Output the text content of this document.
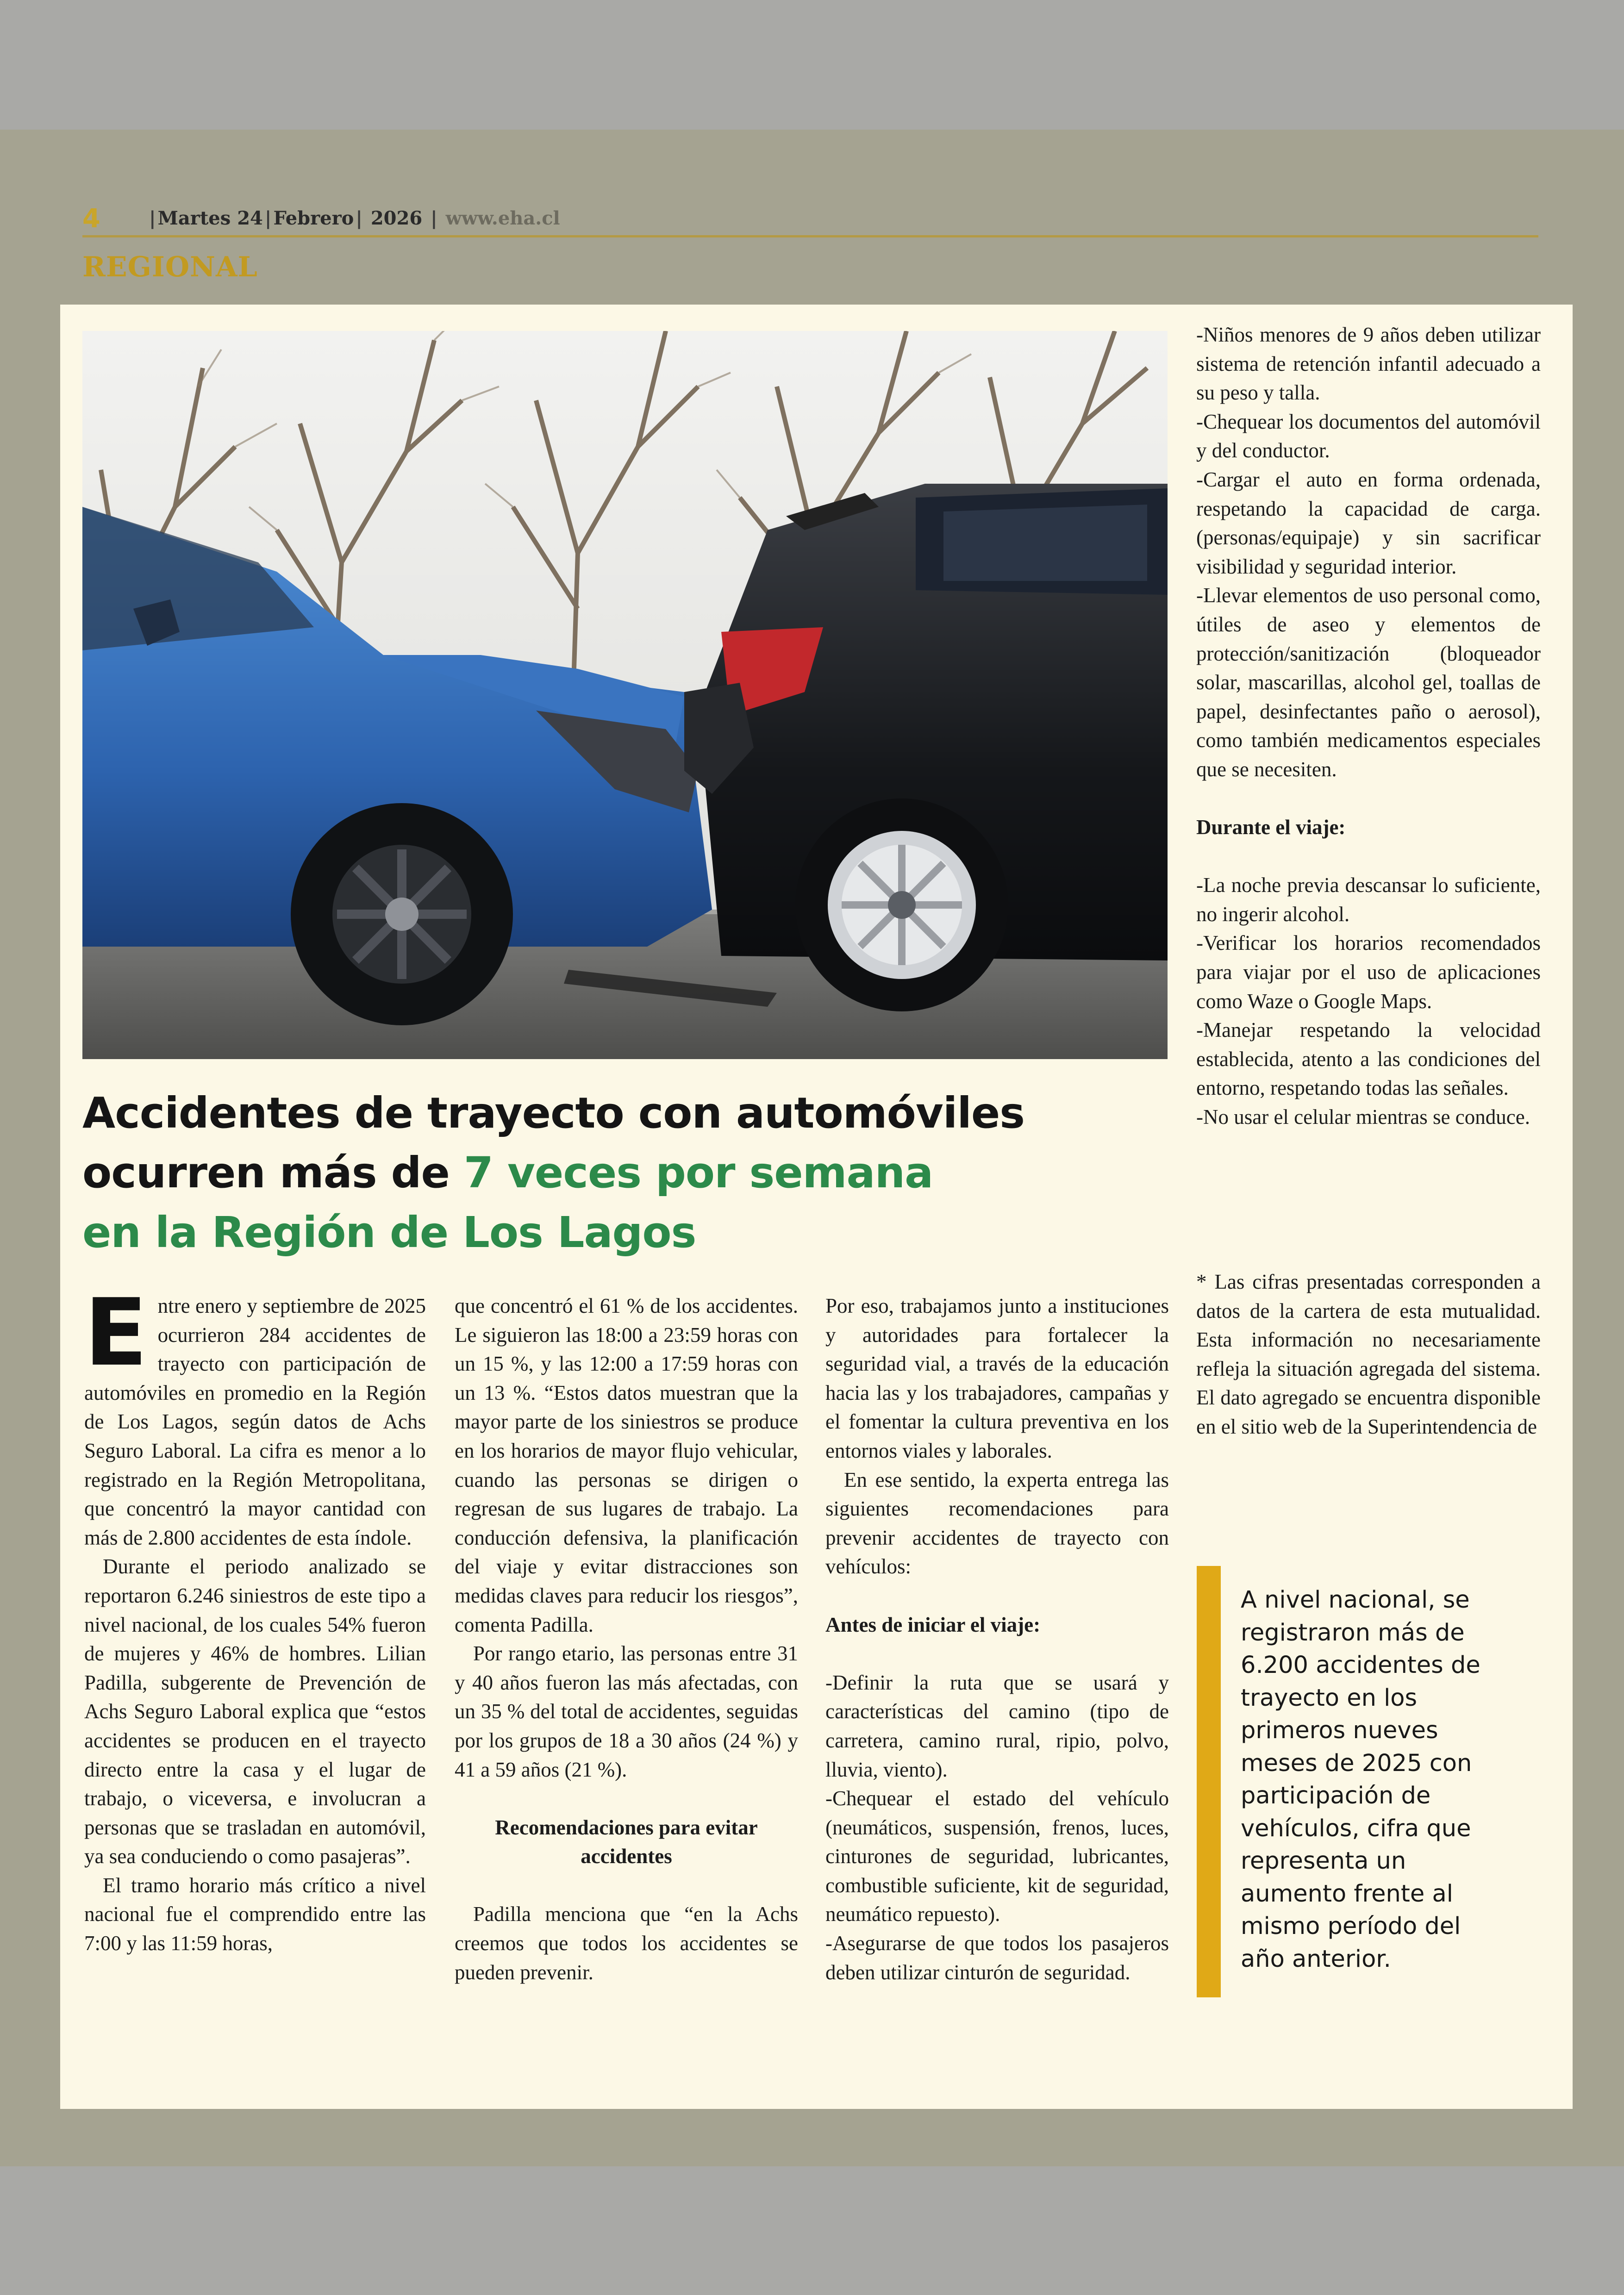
4	| Martes 24 | Febrero | 2026 | www.eha.cl
REGIONAL
Accidentes de trayecto con automóviles ocurren más de 7 veces por semana
en la Región de Los Lagos
E ntre enero y septiembre de 2025 ocurrieron 284 accidentes de trayecto con participación de automóviles en promedio en la Región de Los Lagos, según datos de Achs Seguro Laboral. La cifra es menor a lo registrado en la Región Metropolitana, que concentró la mayor cantidad con más de 2.800 accidentes de esta índole.

Durante el periodo analizado se reportaron 6.246 siniestros de este tipo a nivel nacional, de los cuales 54% fueron de mujeres y 46% de hombres. Lilian Padilla, subgerente de Prevención de Achs Seguro Laboral explica que “estos accidentes se producen en el trayecto directo entre la casa y el lugar de trabajo, o viceversa, e involucran a personas que se trasladan en automóvil, ya sea conduciendo o como pasajeras”.

El tramo horario más crítico a nivel nacional fue el comprendido entre las 7:00 y las 11:59 horas,

que concentró el 61 % de los accidentes. Le siguieron las 18:00 a 23:59 horas con un 15 %, y las 12:00 a 17:59 horas con un 13 %. “Estos datos muestran que la mayor parte de los siniestros se produce en los horarios de mayor flujo vehicular, cuando las personas se dirigen o regresan de sus lugares de trabajo. La conducción defensiva, la planificación del viaje y evitar distracciones son medidas claves para reducir los riesgos”, comenta Padilla.

Por rango etario, las personas entre 31 y 40 años fueron las más afectadas, con un 35 % del total de accidentes, seguidas por los grupos de 18 a 30 años (24 %) y 41 a 59 años (21 %).

Recomendaciones para evitar accidentes

Padilla menciona que “en la Achs creemos que todos los accidentes se pueden prevenir.

Por eso, trabajamos junto a instituciones y autoridades para fortalecer la seguridad vial, a través de la educación hacia las y los trabajadores, campañas y el fomentar la cultura preventiva en los entornos viales y laborales.

En ese sentido, la experta entrega las siguientes recomendaciones para prevenir accidentes de trayecto con vehículos:

Antes de iniciar el viaje:

-Definir la ruta que se usará y características del camino (tipo de carretera, camino rural, ripio, polvo, lluvia, viento).

-Chequear el estado del vehículo (neumáticos, suspensión, frenos, luces, cinturones de seguridad, lubricantes, combustible suficiente, kit de seguridad, neumático repuesto).

-Asegurarse de que todos los pasajeros deben utilizar cinturón de seguridad.

-Niños menores de 9 años deben utilizar sistema de retención infantil adecuado a su peso y talla.

-Chequear los documentos del automóvil y del conductor.

-Cargar el auto en forma ordenada, respetando la capacidad de carga. (personas/equipaje) y sin sacrificar visibilidad y seguridad interior.

-Llevar elementos de uso personal como, útiles de aseo y elementos de protección/sanitización (bloqueador solar, mascarillas, alcohol gel, toallas de papel, desinfectantes paño o aerosol), como también medicamentos especiales que se necesiten.

Durante el viaje:

-La noche previa descansar lo suficiente, no ingerir alcohol.

-Verificar los horarios recomendados para viajar por el uso de aplicaciones como Waze o Google Maps.

-Manejar respetando la velocidad establecida, atento a las condiciones del entorno, respetando todas las señales.

-No usar el celular mientras se conduce.

* Las cifras presentadas corresponden a datos de la cartera de esta mutualidad. Esta información no necesariamente refleja la situación agregada del sistema. El dato agregado se encuentra disponible en el sitio web de la Superintendencia de

A nivel nacional, se registraron más de 6.200 accidentes de trayecto en los primeros nueves meses de 2025 con participación de vehículos, cifra que representa un aumento frente al mismo período del año anterior.
